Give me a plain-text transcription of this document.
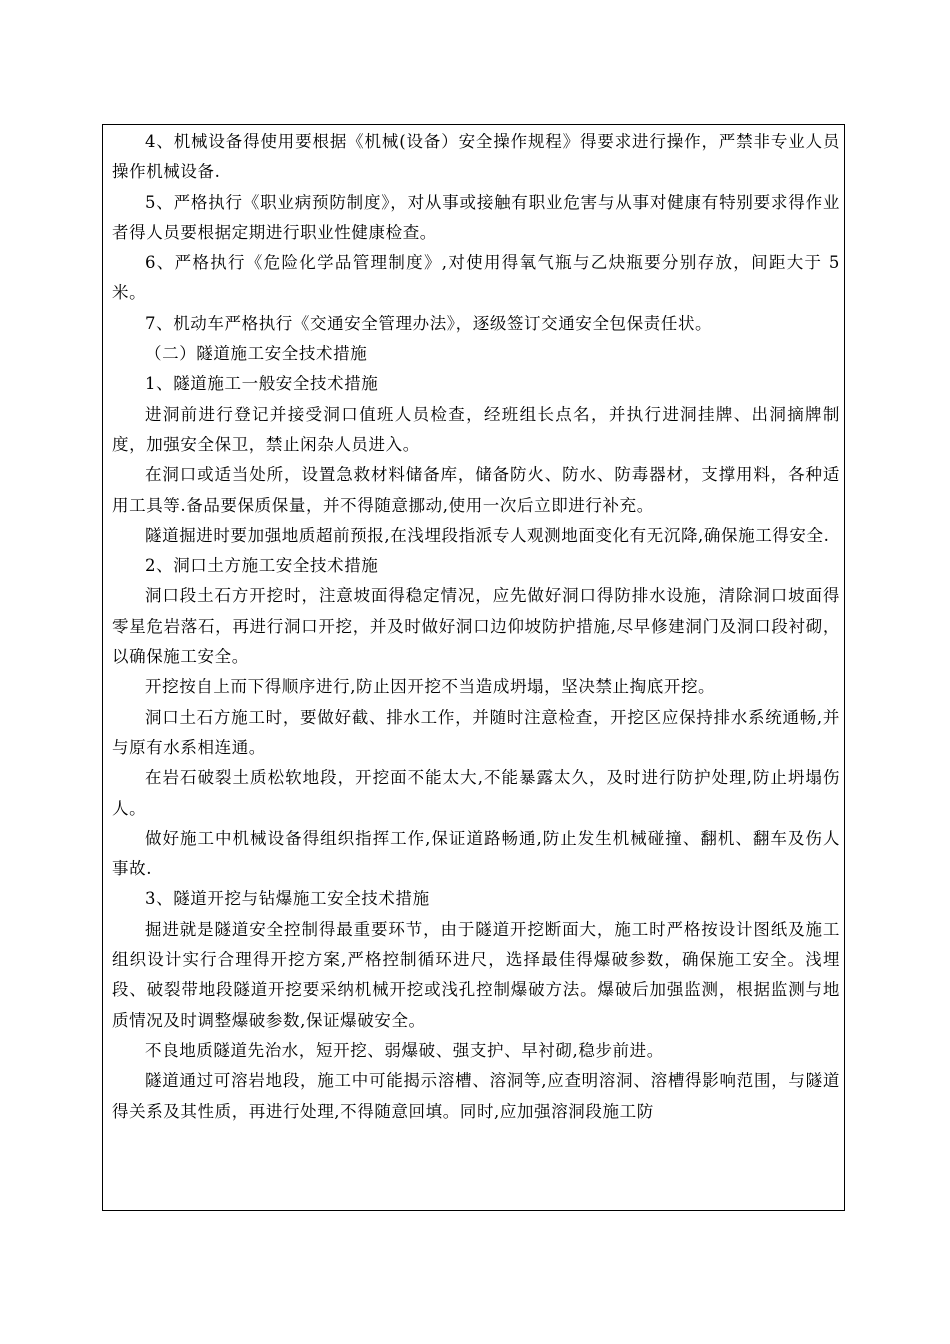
4、机械设备得使用要根据《机械(设备）安全操作规程》得要求进行操作，严禁非专业人员操作机械设备.

5、严格执行《职业病预防制度》，对从事或接触有职业危害与从事对健康有特别要求得作业者得人员要根据定期进行职业性健康检查。

6、严格执行《危险化学品管理制度》,对使用得氧气瓶与乙炔瓶要分别存放，间距大于 5 米。

7、机动车严格执行《交通安全管理办法》，逐级签订交通安全包保责任状。

（二）隧道施工安全技术措施

1、隧道施工一般安全技术措施

进洞前进行登记并接受洞口值班人员检查，经班组长点名，并执行进洞挂牌、出洞摘牌制度，加强安全保卫，禁止闲杂人员进入。

在洞口或适当处所，设置急救材料储备库，储备防火、防水、防毒器材，支撑用料，各种适用工具等.备品要保质保量，并不得随意挪动,使用一次后立即进行补充。

隧道掘进时要加强地质超前预报,在浅埋段指派专人观测地面变化有无沉降,确保施工得安全.

2、洞口土方施工安全技术措施

洞口段土石方开挖时，注意坡面得稳定情况，应先做好洞口得防排水设施，清除洞口坡面得零星危岩落石，再进行洞口开挖，并及时做好洞口边仰坡防护措施,尽早修建洞门及洞口段衬砌，以确保施工安全。

开挖按自上而下得顺序进行,防止因开挖不当造成坍塌，坚决禁止掏底开挖。

洞口土石方施工时，要做好截、排水工作，并随时注意检查，开挖区应保持排水系统通畅,并与原有水系相连通。

在岩石破裂土质松软地段，开挖面不能太大,不能暴露太久，及时进行防护处理,防止坍塌伤人。

做好施工中机械设备得组织指挥工作,保证道路畅通,防止发生机械碰撞、翻机、翻车及伤人事故.

3、隧道开挖与钻爆施工安全技术措施

掘进就是隧道安全控制得最重要环节，由于隧道开挖断面大，施工时严格按设计图纸及施工组织设计实行合理得开挖方案,严格控制循环进尺，选择最佳得爆破参数，确保施工安全。浅埋段、破裂带地段隧道开挖要采纳机械开挖或浅孔控制爆破方法。爆破后加强监测，根据监测与地质情况及时调整爆破参数,保证爆破安全。

不良地质隧道先治水，短开挖、弱爆破、强支护、早衬砌,稳步前进。

隧道通过可溶岩地段，施工中可能揭示溶槽、溶洞等,应查明溶洞、溶槽得影响范围，与隧道得关系及其性质，再进行处理,不得随意回填。同时,应加强溶洞段施工防
